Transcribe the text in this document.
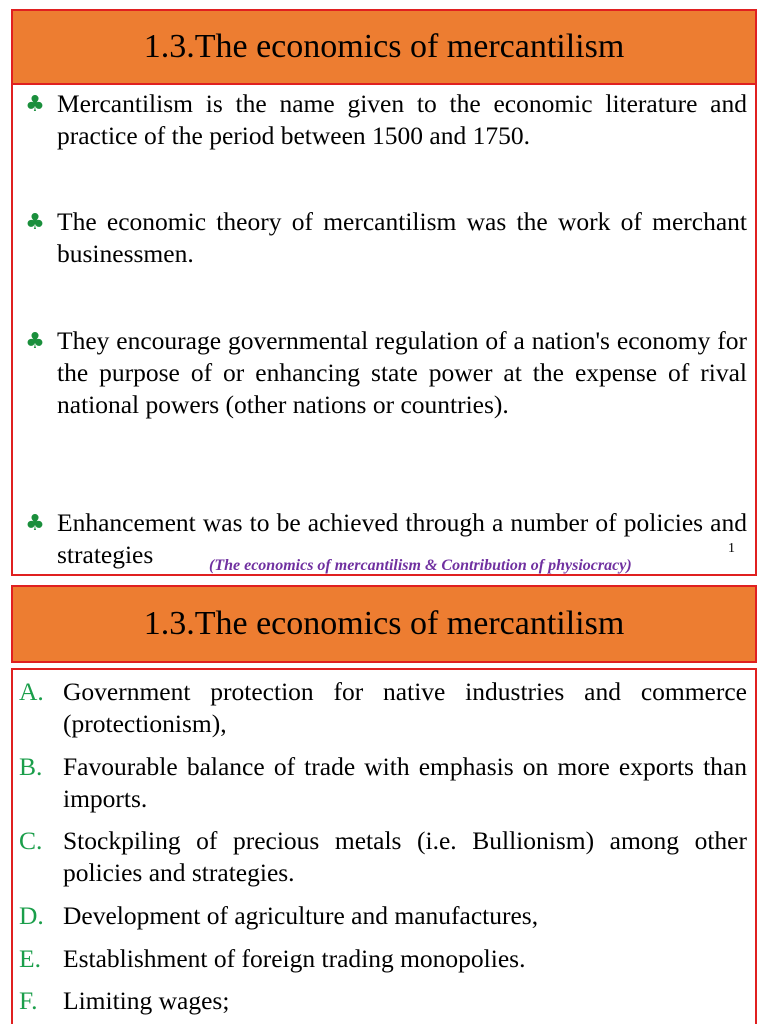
1.3.The economics of mercantilism
♣ Mercantilism is the name given to the economic literature and practice of the period between 1500 and 1750.
♣ The economic theory of mercantilism was the work of merchant businessmen.
♣ They encourage governmental regulation of a nation's economy for the purpose of or enhancing state power at the expense of rival national powers (other nations or countries).
♣ Enhancement was to be achieved through a number of policies and strategies	(The economics of mercantilism & Contribution of physiocracy)
1
1.3.The economics of mercantilism
A. Government protection for native industries and commerce (protectionism),
B. Favourable balance of trade with emphasis on more exports than imports.
C. Stockpiling of precious metals (i.e. Bullionism) among other policies and strategies.
D. Development of agriculture and manufactures,
E. Establishment of foreign trading monopolies.
F. Limiting wages;
